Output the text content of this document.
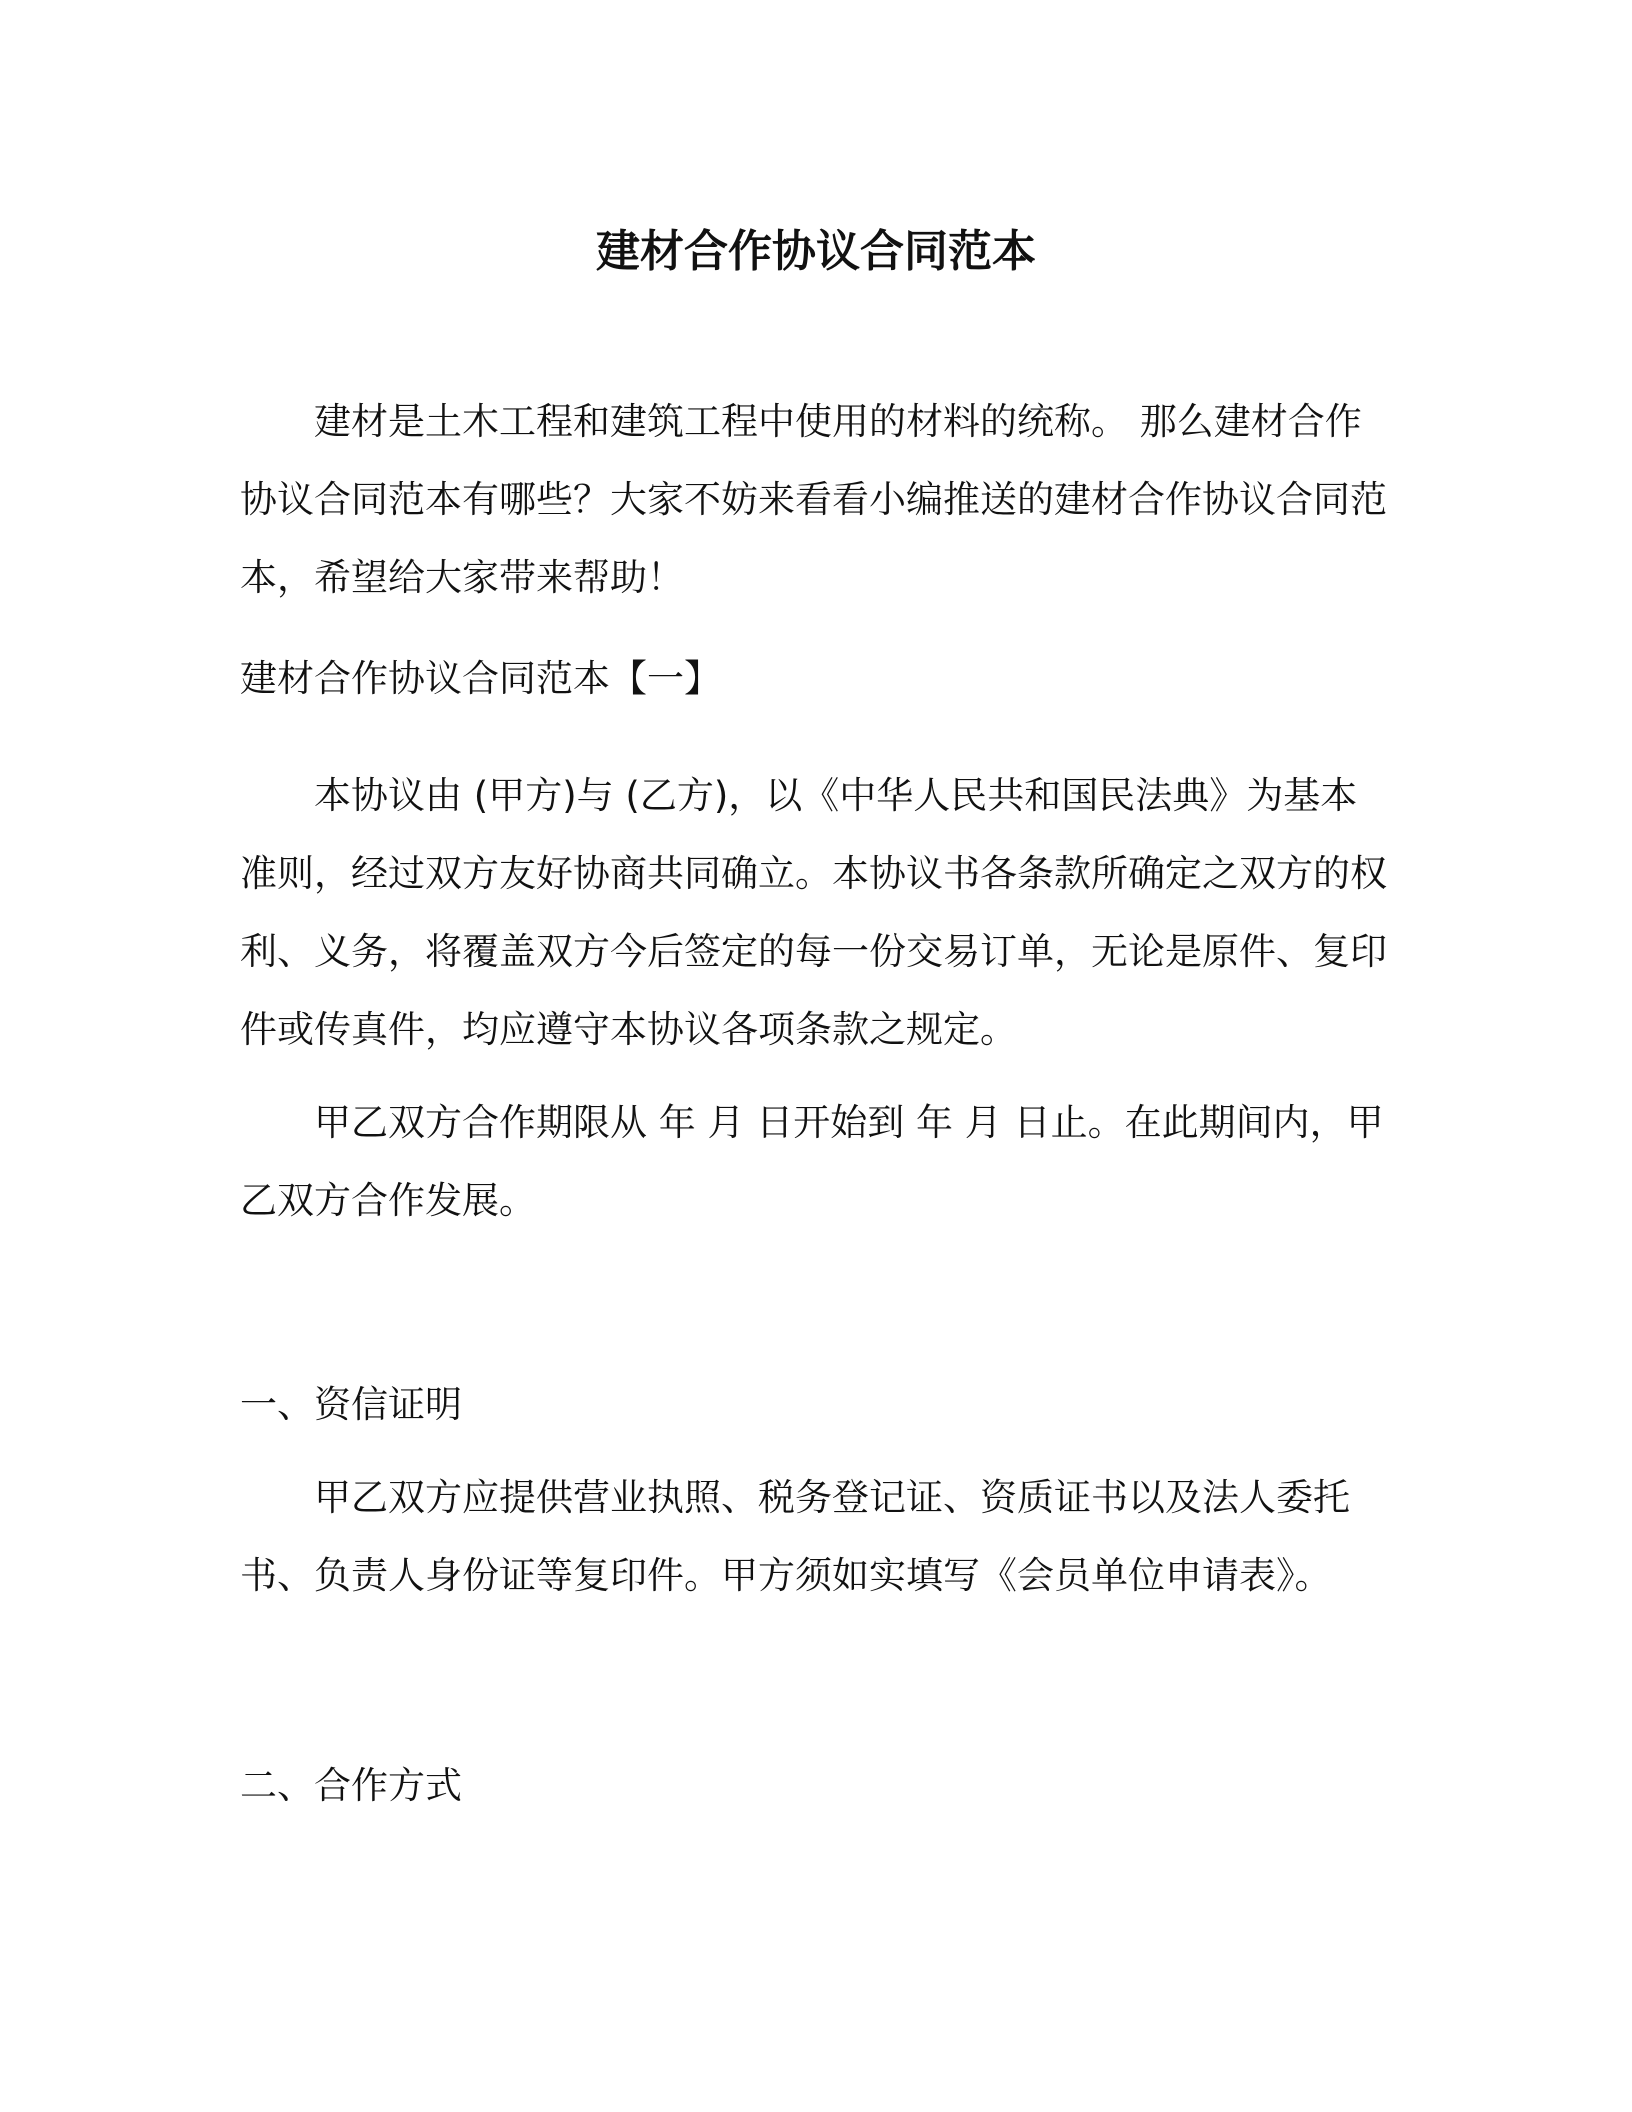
建材合作协议合同范本

建材是土木工程和建筑工程中使用的材料的统称。 那么建材合作协议合同范本有哪些？大家不妨来看看小编推送的建材合作协议合同范本，希望给大家带来帮助！

建材合作协议合同范本【一】

本协议由 (甲方)与 (乙方)，以《中华人民共和国民法典》为基本准则，经过双方友好协商共同确立。本协议书各条款所确定之双方的权利、义务，将覆盖双方今后签定的每一份交易订单，无论是原件、复印件或传真件，均应遵守本协议各项条款之规定。

甲乙双方合作期限从 年 月 日开始到 年 月 日止。在此期间内，甲乙双方合作发展。

一、资信证明

甲乙双方应提供营业执照、税务登记证、资质证书以及法人委托书、负责人身份证等复印件。甲方须如实填写《会员单位申请表》。

二、合作方式
